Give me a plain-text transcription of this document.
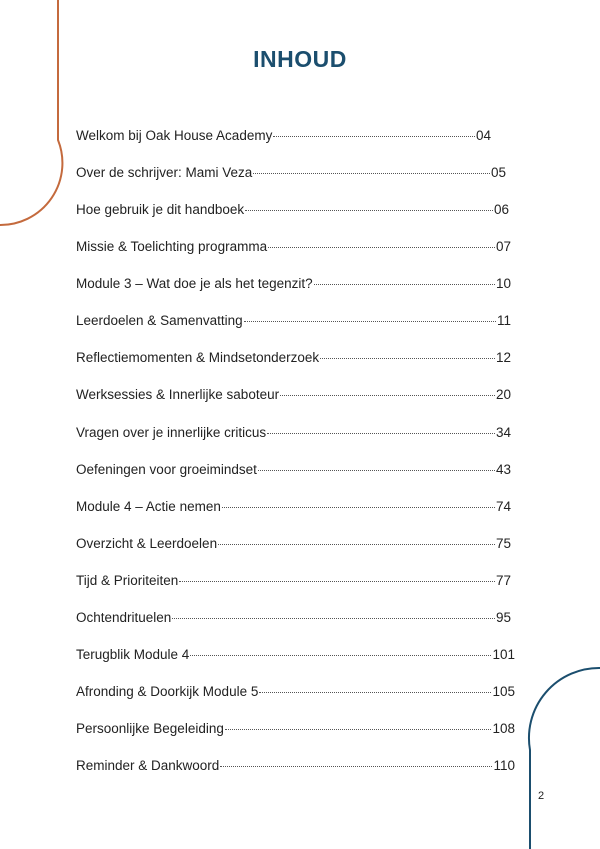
INHOUD
Welkom bij Oak House Academy	04
Over de schrijver: Mami Veza	05
Hoe gebruik je dit handboek	06
Missie & Toelichting programma	07
Module 3 – Wat doe je als het tegenzit?	10
Leerdoelen & Samenvatting	11
Reflectiemomenten & Mindsetonderzoek	12
Werksessies & Innerlijke saboteur	20
Vragen over je innerlijke criticus	34
Oefeningen voor groeimindset	43
Module 4 – Actie nemen	74
Overzicht & Leerdoelen	75
Tijd & Prioriteiten	77
Ochtendrituelen	95
Terugblik Module 4	101
Afronding & Doorkijk Module 5	105
Persoonlijke Begeleiding	108
Reminder & Dankwoord	110
2
